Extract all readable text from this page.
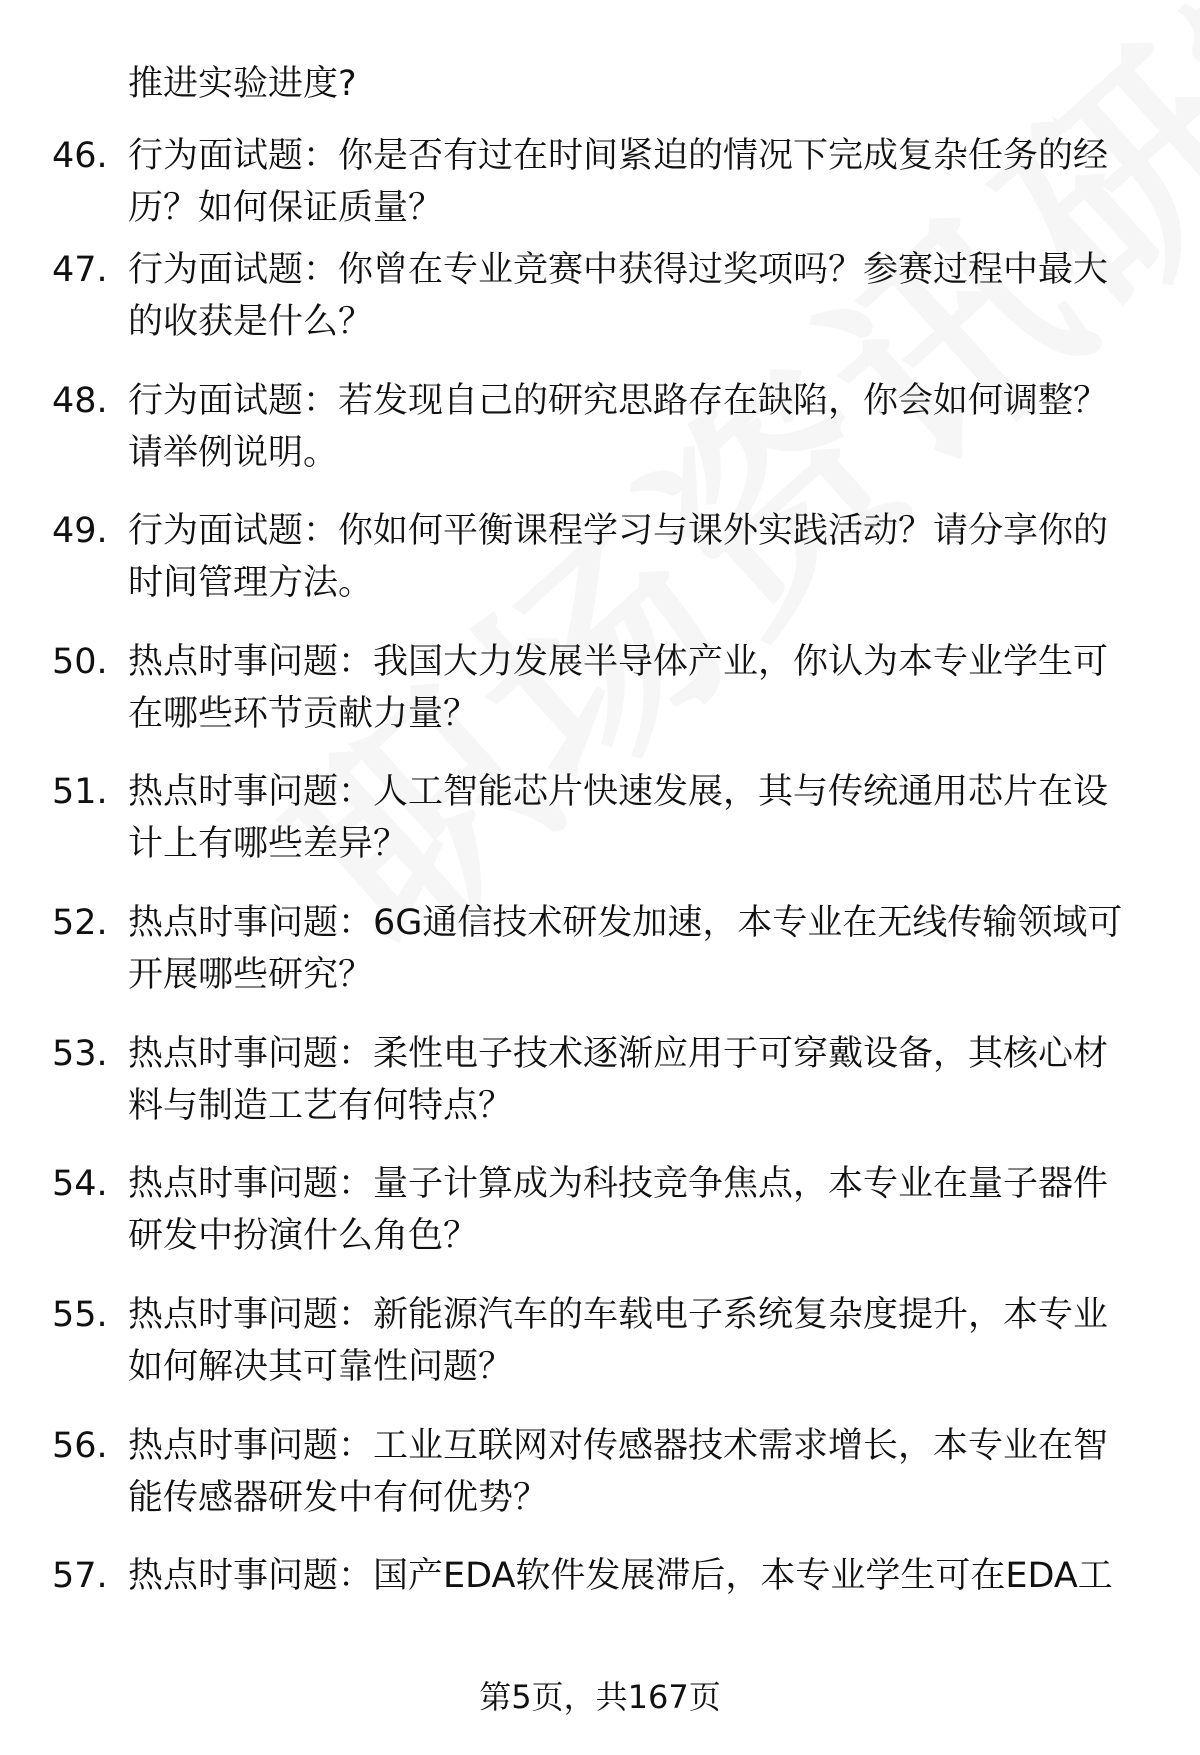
推进实验进度?
46. 行为面试题：你是否有过在时间紧迫的情况下完成复杂任务的经
历？如何保证质量？
47. 行为面试题：你曾在专业竞赛中获得过奖项吗？参赛过程中最大
的收获是什么？
48. 行为面试题：若发现自己的研究思路存在缺陷，你会如何调整？
请举例说明。
49. 行为面试题：你如何平衡课程学习与课外实践活动？请分享你的
时间管理方法。
50. 热点时事问题：我国大力发展半导体产业，你认为本专业学生可
在哪些环节贡献力量？
51. 热点时事问题：人工智能芯片快速发展，其与传统通用芯片在设
计上有哪些差异？
52. 热点时事问题：6G通信技术研发加速，本专业在无线传输领域可
开展哪些研究？
53. 热点时事问题：柔性电子技术逐渐应用于可穿戴设备，其核心材
料与制造工艺有何特点？
54. 热点时事问题：量子计算成为科技竞争焦点，本专业在量子器件
研发中扮演什么角色？
55. 热点时事问题：新能源汽车的车载电子系统复杂度提升，本专业
如何解决其可靠性问题？
56. 热点时事问题：工业互联网对传感器技术需求增长，本专业在智
能传感器研发中有何优势？
57. 热点时事问题：国产EDA软件发展滞后，本专业学生可在EDA工
第5页，共167页
